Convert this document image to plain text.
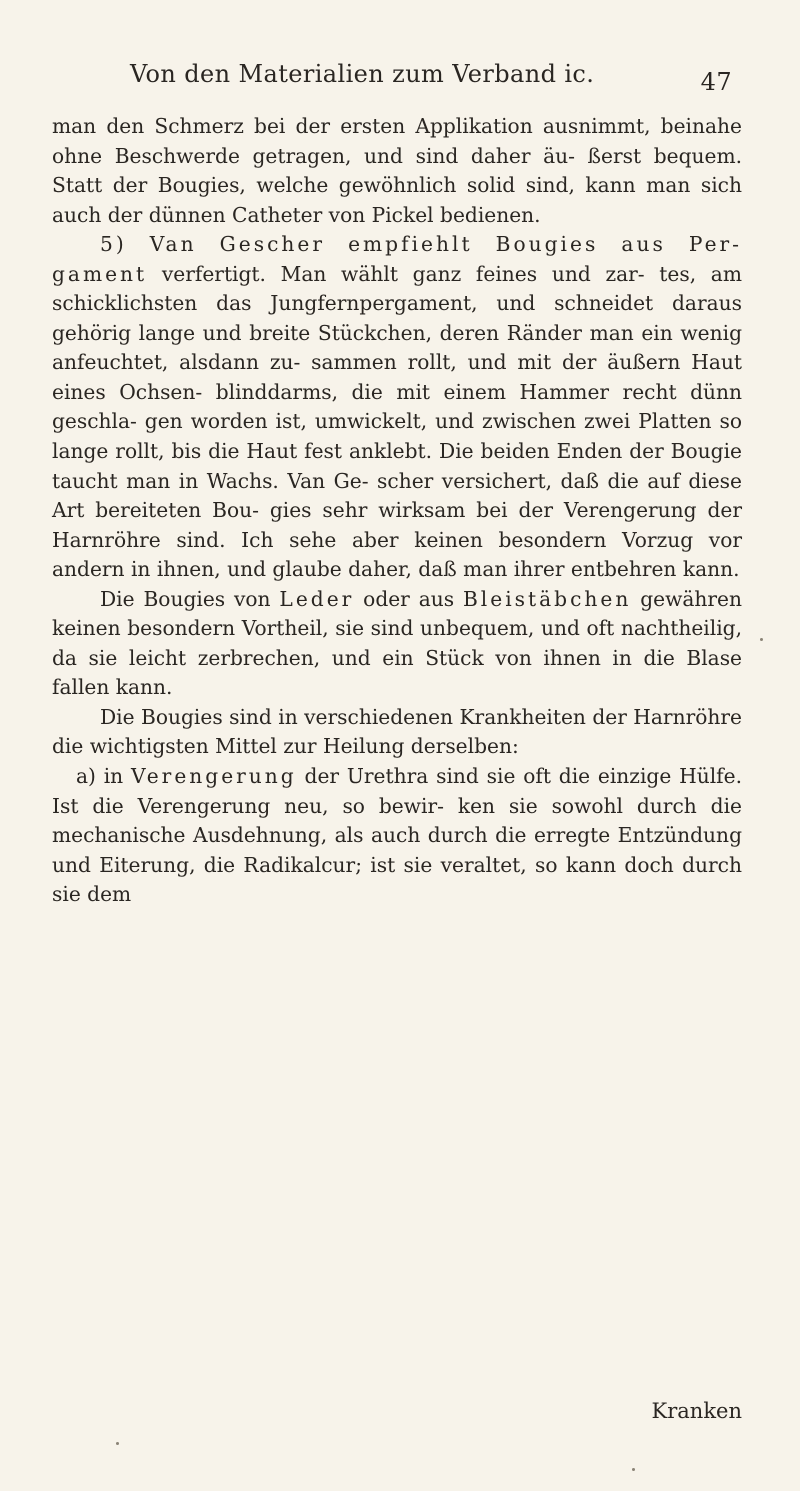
Von den Materialien zum Verband ic.	47

man den Schmerz bei der ersten Applikation ausnimmt, beinahe ohne Beschwerde getragen, und sind daher äu- ßerst bequem. Statt der Bougies, welche gewöhnlich solid sind, kann man sich auch der dünnen Catheter von Pickel bedienen.

5) Van Gescher empfiehlt Bougies aus Per- gament verfertigt. Man wählt ganz feines und zar- tes, am schicklichsten das Jungfernpergament, und schneidet daraus gehörig lange und breite Stückchen, deren Ränder man ein wenig anfeuchtet, alsdann zu- sammen rollt, und mit der äußern Haut eines Ochsen- blinddarms, die mit einem Hammer recht dünn geschla- gen worden ist, umwickelt, und zwischen zwei Platten so lange rollt, bis die Haut fest anklebt. Die beiden Enden der Bougie taucht man in Wachs. Van Ge- scher versichert, daß die auf diese Art bereiteten Bou- gies sehr wirksam bei der Verengerung der Harnröhre sind. Ich sehe aber keinen besondern Vorzug vor andern in ihnen, und glaube daher, daß man ihrer entbehren kann.

Die Bougies von Leder oder aus Bleistäbchen gewähren keinen besondern Vortheil, sie sind unbequem, und oft nachtheilig, da sie leicht zerbrechen, und ein Stück von ihnen in die Blase fallen kann.

Die Bougies sind in verschiedenen Krankheiten der Harnröhre die wichtigsten Mittel zur Heilung derselben:

a) in Verengerung der Urethra sind sie oft die einzige Hülfe. Ist die Verengerung neu, so bewir- ken sie sowohl durch die mechanische Ausdehnung, als auch durch die erregte Entzündung und Eiterung, die Radikalcur; ist sie veraltet, so kann doch durch sie dem

Kranken
